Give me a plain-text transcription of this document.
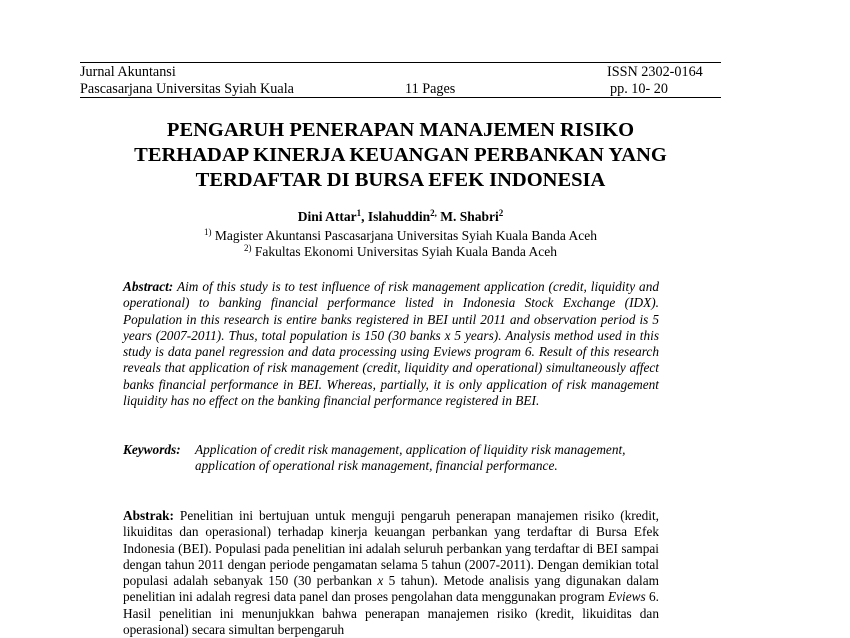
Jurnal Akuntansi	ISSN 2302-0164
Pascasarjana Universitas Syiah Kuala	11 Pages	pp. 10- 20
PENGARUH PENERAPAN MANAJEMEN RISIKO
TERHADAP KINERJA KEUANGAN PERBANKAN YANG
TERDAFTAR DI BURSA EFEK INDONESIA
Dini Attar$^1$, Islahuddin$^{2,}$ M. Shabri$^2$
$^{1)}$ Magister Akuntansi Pascasarjana Universitas Syiah Kuala Banda Aceh
$^{2)}$ Fakultas Ekonomi Universitas Syiah Kuala Banda Aceh
Abstract: Aim of this study is to test influence of risk management application (credit, liquidity and operational) to banking financial performance listed in Indonesia Stock Exchange (IDX). Population in this research is entire banks registered in BEI until 2011 and observation period is 5 years (2007-2011). Thus, total population is 150 (30 banks x 5 years). Analysis method used in this study is data panel regression and data processing using Eviews program 6. Result of this research reveals that application of risk management (credit, liquidity and operational) simultaneously affect banks financial performance in BEI. Whereas, partially, it is only application of risk management liquidity has no effect on the banking financial performance registered in BEI.
Keywords: Application of credit risk management, application of liquidity risk management, application of operational risk management, financial performance.
Abstrak: Penelitian ini bertujuan untuk menguji pengaruh penerapan manajemen risiko (kredit, likuiditas dan operasional) terhadap kinerja keuangan perbankan yang terdaftar di Bursa Efek Indonesia (BEI). Populasi pada penelitian ini adalah seluruh perbankan yang terdaftar di BEI sampai dengan tahun 2011 dengan periode pengamatan selama 5 tahun (2007-2011). Dengan demikian total populasi adalah sebanyak 150 (30 perbankan x 5 tahun). Metode analisis yang digunakan dalam penelitian ini adalah regresi data panel dan proses pengolahan data menggunakan program Eviews 6. Hasil penelitian ini menunjukkan bahwa penerapan manajemen risiko (kredit, likuiditas dan operasional) secara simultan berpengaruh
